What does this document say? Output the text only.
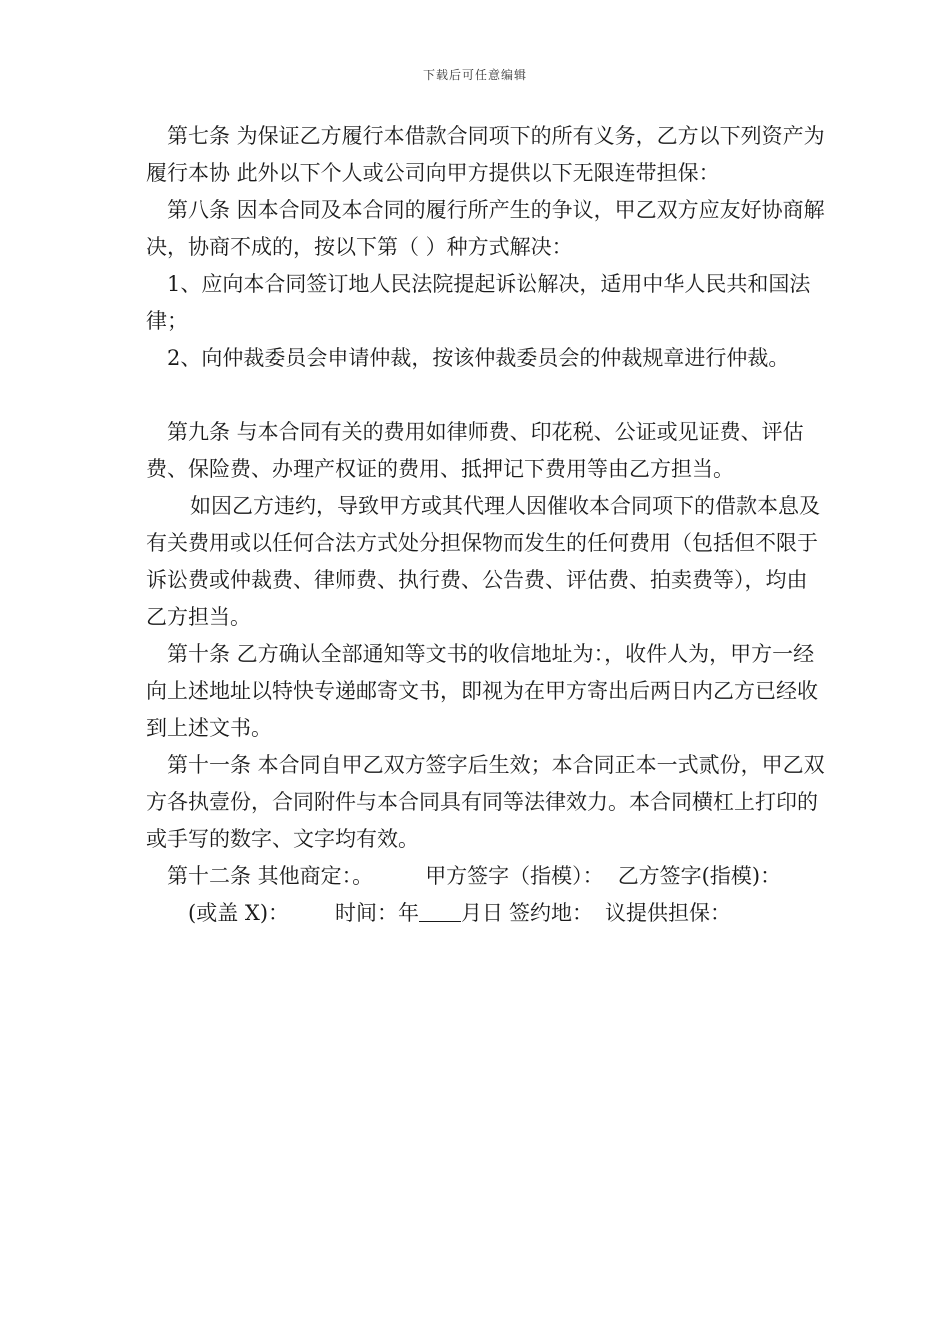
下载后可任意编辑

第七条 为保证乙方履行本借款合同项下的所有义务，乙方以下列资产为履行本协 此外以下个人或公司向甲方提供以下无限连带担保：

第八条 因本合同及本合同的履行所产生的争议，甲乙双方应友好协商解决，协商不成的，按以下第（ ）种方式解决：

1、应向本合同签订地人民法院提起诉讼解决，适用中华人民共和国法律；

2、向仲裁委员会申请仲裁，按该仲裁委员会的仲裁规章进行仲裁。

第九条 与本合同有关的费用如律师费、印花税、公证或见证费、评估费、保险费、办理产权证的费用、抵押记下费用等由乙方担当。

如因乙方违约，导致甲方或其代理人因催收本合同项下的借款本息及有关费用或以任何合法方式处分担保物而发生的任何费用（包括但不限于诉讼费或仲裁费、律师费、执行费、公告费、评估费、拍卖费等），均由乙方担当。

第十条 乙方确认全部通知等文书的收信地址为：，收件人为，甲方一经向上述地址以特快专递邮寄文书，即视为在甲方寄出后两日内乙方已经收到上述文书。

第十一条 本合同自甲乙双方签字后生效；本合同正本一式贰份，甲乙双方各执壹份，合同附件与本合同具有同等法律效力。本合同横杠上打印的或手写的数字、文字均有效。

第十二条 其他商定：。 甲方签字（指模）： 乙方签字(指模)：

(或盖 X)： 时间：年 月日 签约地： 议提供担保：
